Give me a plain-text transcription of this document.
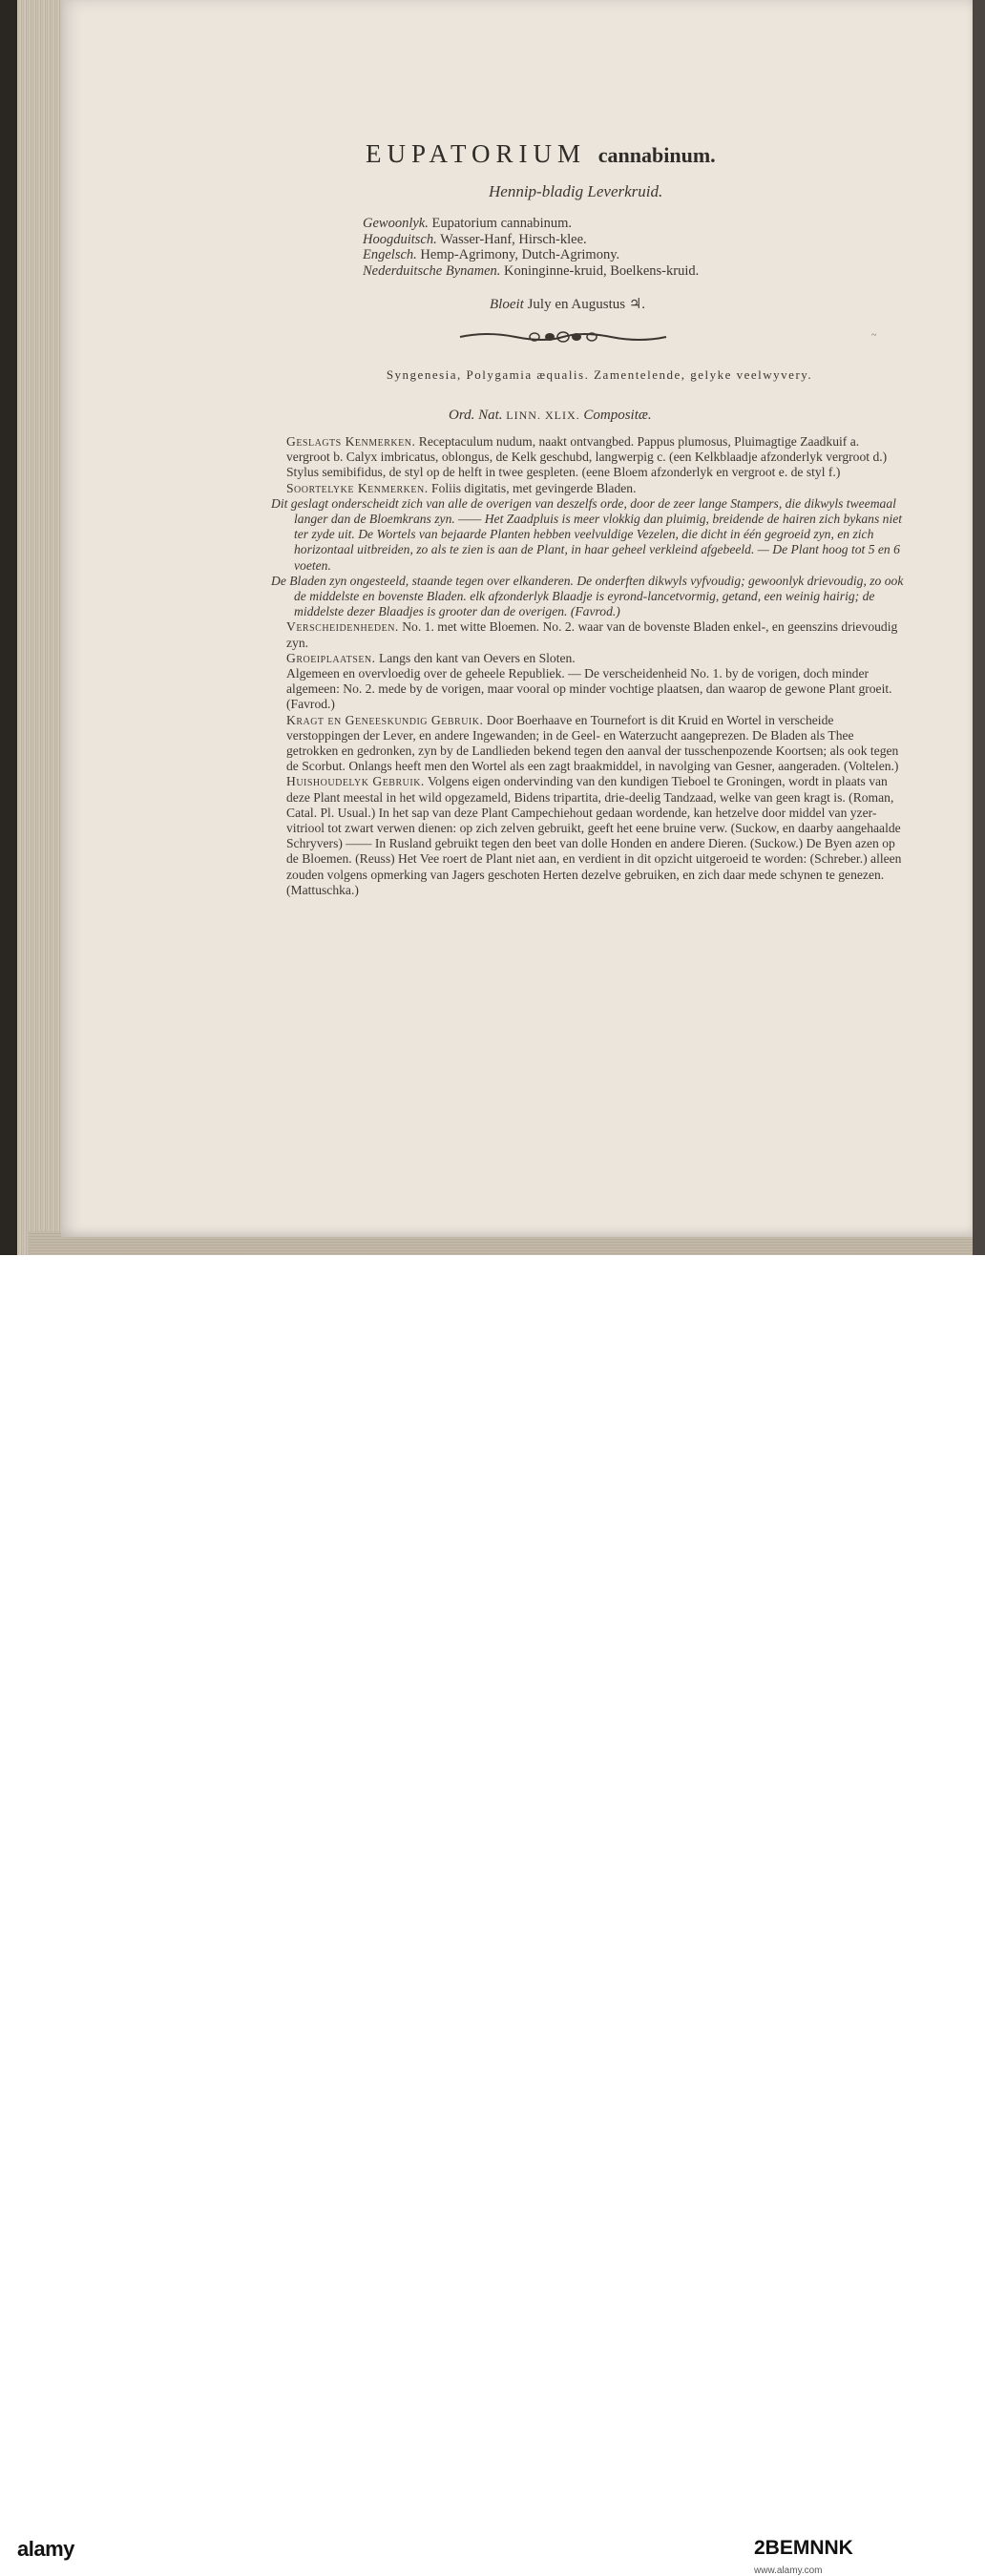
EUPATORIUM cannabinum.
Hennip-bladig Leverkruid.
Gewoonlyk. Eupatorium cannabinum.
Hoogduitsch. Wasser-Hanf, Hirsch-klee.
Engelsch. Hemp-Agrimony, Dutch-Agrimony.
Nederduitsche Bynamen. Koninginne-kruid, Boelkens-kruid.
Bloeit July en Augustus ♃.
~
Syngenesia, Polygamia æqualis. Zamentelende, gelyke veelwyvery.
Ord. Nat. LINN. XLIX. Compositæ.

Geslagts Kenmerken. Receptaculum nudum, naakt ontvangbed. Pappus plumosus, Pluimagtige Zaadkuif a. vergroot b. Calyx imbricatus, oblongus, de Kelk geschubd, langwerpig c. (een Kelkblaadje afzonderlyk vergroot d.) Stylus semibifidus, de styl op de helft in twee gespleten. (eene Bloem afzonderlyk en vergroot e. de styl f.)

Soortelyke Kenmerken. Foliis digitatis, met gevingerde Bladen.

Dit geslagt onderscheidt zich van alle de overigen van deszelfs orde, door de zeer lange Stampers, die dikwyls tweemaal langer dan de Bloemkrans zyn. —— Het Zaadpluis is meer vlokkig dan pluimig, breidende de hairen zich bykans niet ter zyde uit. De Wortels van bejaarde Planten hebben veelvuldige Vezelen, die dicht in één gegroeid zyn, en zich horizontaal uitbreiden, zo als te zien is aan de Plant, in haar geheel verkleind afgebeeld. — De Plant hoog tot 5 en 6 voeten.

De Bladen zyn ongesteeld, staande tegen over elkanderen. De onderften dikwyls vyfvoudig; gewoonlyk drievoudig, zo ook de middelste en bovenste Bladen. elk afzonderlyk Blaadje is eyrond-lancetvormig, getand, een weinig hairig; de middelste dezer Blaadjes is grooter dan de overigen. (Favrod.)

Verscheidenheden. No. 1. met witte Bloemen. No. 2. waar van de bovenste Bladen enkel-, en geenszins drievoudig zyn.

Groeiplaatsen. Langs den kant van Oevers en Sloten.

Algemeen en overvloedig over de geheele Republiek. — De verscheidenheid No. 1. by de vorigen, doch minder algemeen: No. 2. mede by de vorigen, maar vooral op minder vochtige plaatsen, dan waarop de gewone Plant groeit. (Favrod.)

Kragt en Geneeskundig Gebruik. Door Boerhaave en Tournefort is dit Kruid en Wortel in verscheide verstoppingen der Lever, en andere Ingewanden; in de Geel- en Waterzucht aangeprezen. De Bladen als Thee getrokken en gedronken, zyn by de Landlieden bekend tegen den aanval der tusschenpozende Koortsen; als ook tegen de Scorbut. Onlangs heeft men den Wortel als een zagt braakmiddel, in navolging van Gesner, aangeraden. (Voltelen.)

Huishoudelyk Gebruik. Volgens eigen ondervinding van den kundigen Tieboel te Groningen, wordt in plaats van deze Plant meestal in het wild opgezameld, Bidens tripartita, drie-deelig Tandzaad, welke van geen kragt is. (Roman, Catal. Pl. Usual.) In het sap van deze Plant Campechiehout gedaan wordende, kan hetzelve door middel van yzer-vitriool tot zwart verwen dienen: op zich zelven gebruikt, geeft het eene bruine verw. (Suckow, en daarby aangehaalde Schryvers) —— In Rusland gebruikt tegen den beet van dolle Honden en andere Dieren. (Suckow.) De Byen azen op de Bloemen. (Reuss) Het Vee roert de Plant niet aan, en verdient in dit opzicht uitgeroeid te worden: (Schreber.) alleen zouden volgens opmerking van Jagers geschoten Herten dezelve gebruiken, en zich daar mede schynen te genezen. (Mattuschka.)

alamy	2BEMNNK
www.alamy.com
